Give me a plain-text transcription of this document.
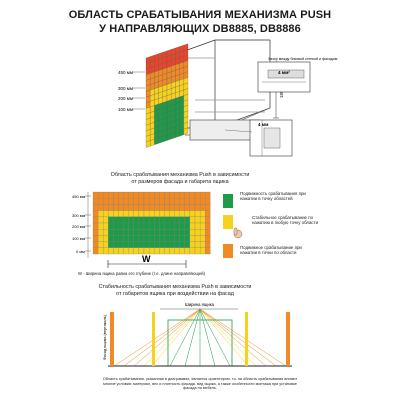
ОБЛАСТЬ СРАБАТЫВАНИЯ МЕХАНИЗМА PUSH
У НАПРАВЛЯЮЩИХ DB8885, DB8886
450 мм
300 мм
200 мм
100 мм
Зазор между боковой стенкой и фасадом
4 мм²
4 мм
Область срабатывания механизма Push в зависимости
от размеров фасада и габарита ящика
450 мм
300 мм
200 мм
100 мм
0 мм
W
Подвижность срабатывания при нажатии в точку областей
Стабильное срабатывание по нажатию в любую точку области
Подвижное срабатывание при нажатии в точки по области
W - Ширина ящика равна его глубине (т.е. длине направляющей)
Стабильность срабатывания механизма Push в зависимости
от габаритов ящика при воздействии на фасад
Ширина ящика
Фасад ящика (вертикаль)
Область срабатывания, указанная в диаграммах, является ориентиром, т.к. на область срабатывания влияют многие условия: материал, вес и плотность фасада, вид ящика, а также особенности монтажа при установке фасада на мебель.
